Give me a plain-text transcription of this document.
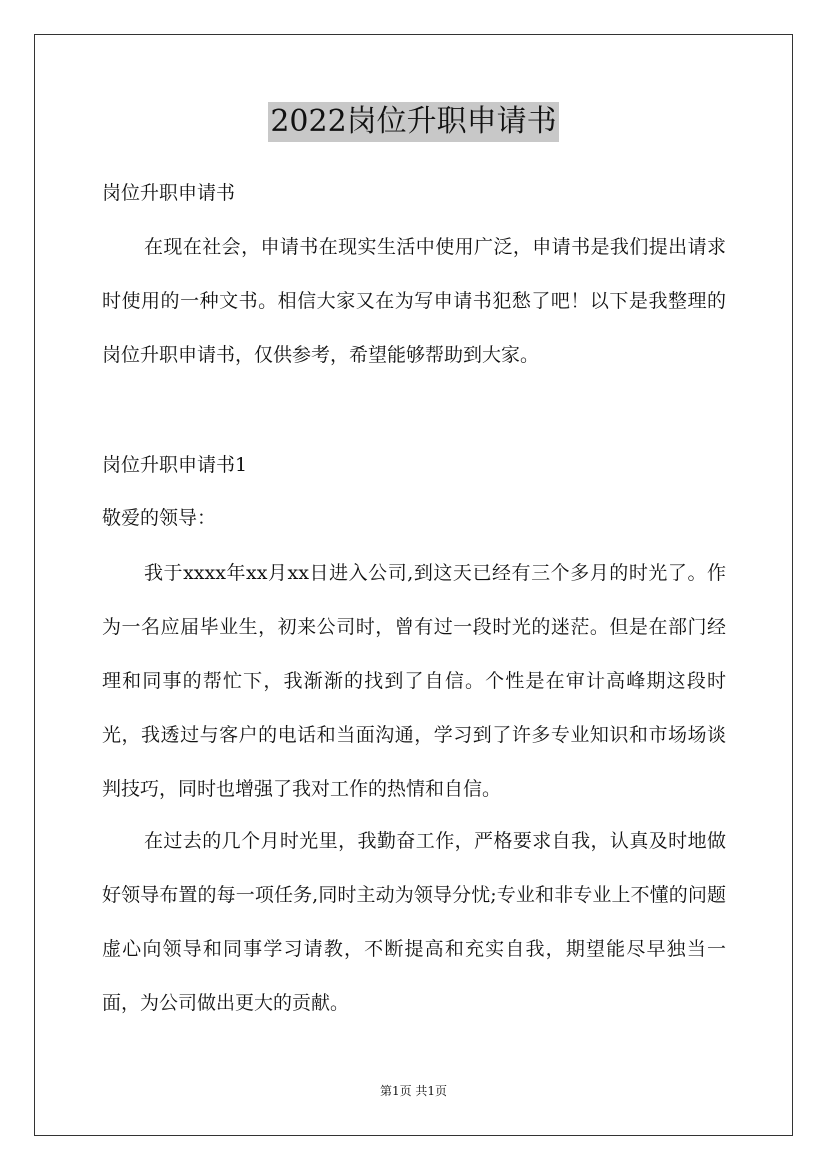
2022岗位升职申请书
岗位升职申请书
在现在社会，申请书在现实生活中使用广泛，申请书是我们提出请求时使用的一种文书。相信大家又在为写申请书犯愁了吧！以下是我整理的岗位升职申请书，仅供参考，希望能够帮助到大家。
岗位升职申请书1
敬爱的领导：
我于xxxx年xx月xx日进入公司,到这天已经有三个多月的时光了。作为一名应届毕业生，初来公司时，曾有过一段时光的迷茫。但是在部门经理和同事的帮忙下，我渐渐的找到了自信。个性是在审计高峰期这段时光，我透过与客户的电话和当面沟通，学习到了许多专业知识和市场场谈判技巧，同时也增强了我对工作的热情和自信。
在过去的几个月时光里，我勤奋工作，严格要求自我，认真及时地做好领导布置的每一项任务,同时主动为领导分忧;专业和非专业上不懂的问题虚心向领导和同事学习请教，不断提高和充实自我，期望能尽早独当一面，为公司做出更大的贡献。
第1页 共1页
